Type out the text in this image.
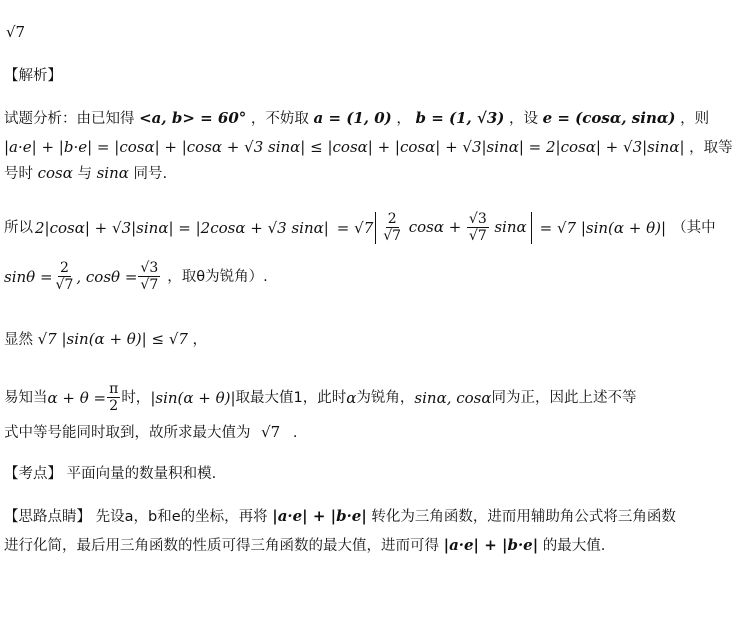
√7
【解析】
试题分析：由已知得 <a, b> = 60° ，不妨取 a = (1, 0) ， b = (1, √3) ，设 e = (cosα, sinα) ，则
|a·e| + |b·e| = |cosα| + |cosα + √3 sinα| ≤ |cosα| + |cosα| + √3|sinα| = 2|cosα| + √3|sinα| ，取等
号时 cosα 与 sinα 同号.
所以 2|cosα| + √3|sinα| = |2cosα + √3 $\sin\alpha| = √7 \frac{2}{√7}$ $\cos\alpha + \frac{√3}{√7}$ sinα = √7 |sin(α + θ)| （其中
$\sin\theta = \frac{2}{√7}$ , $\cos\theta = \frac{√3}{√7}$ ，取θ为锐角）.
显然 √7 |sin(α + θ)| ≤ √7 ，
易知当 $\alpha + \theta = \frac{\pi}{2}$ 时， |sin(α + θ)| 取最大值1，此时 α 为锐角， sinα, cosα 同为正，因此上述不等
式中等号能同时取到，故所求最大值为 √7 .
【考点】 平面向量的数量积和模.
【思路点睛】 先设a，b和e的坐标，再将 |a·e| + |b·e| 转化为三角函数，进而用辅助角公式将三角函数
进行化简，最后用三角函数的性质可得三角函数的最大值，进而可得 |a·e| + |b·e| 的最大值.
